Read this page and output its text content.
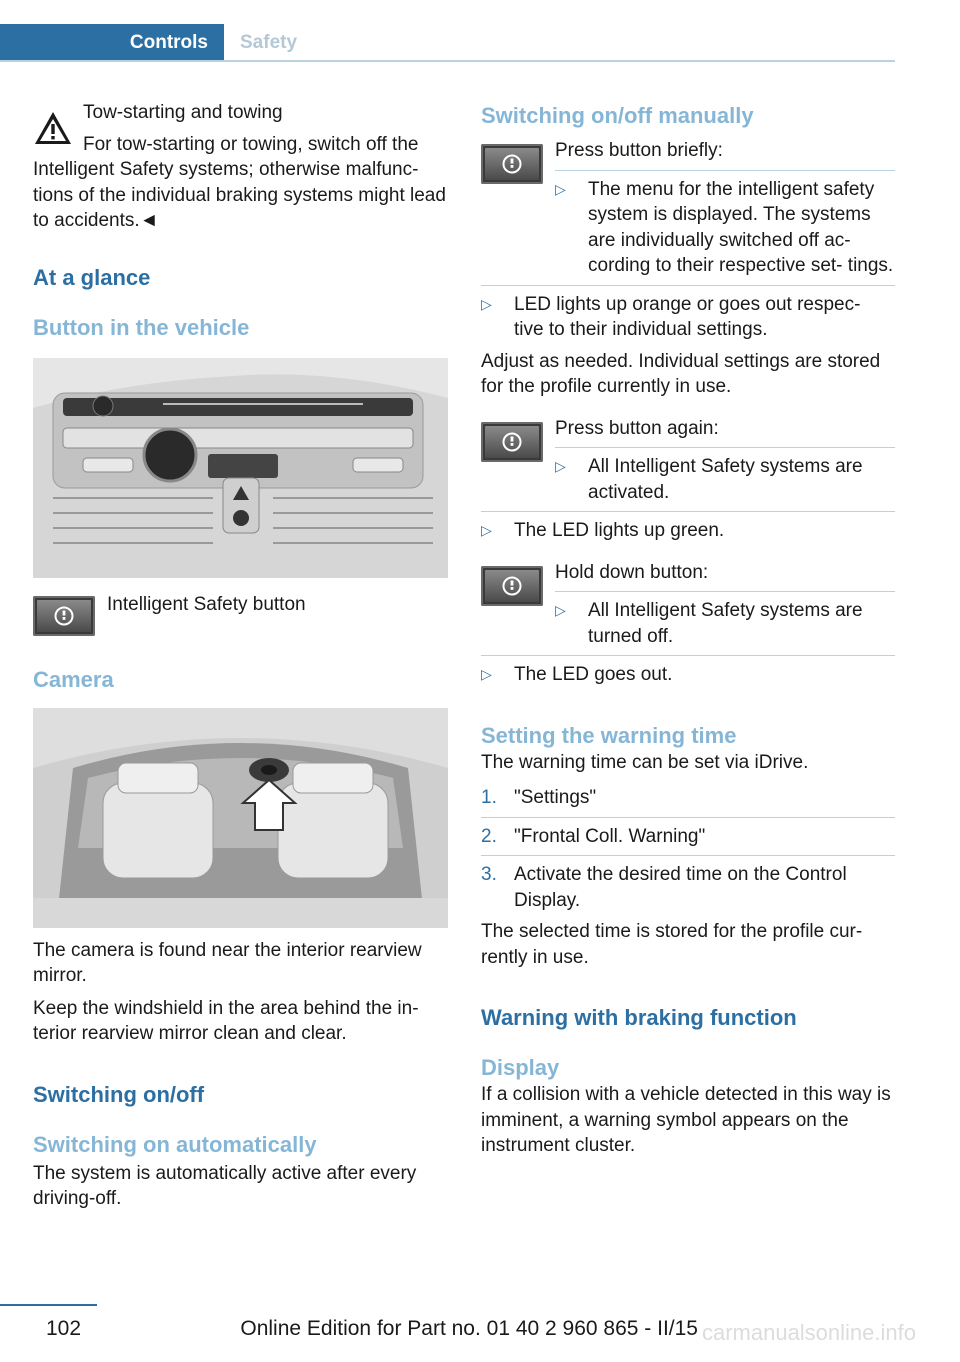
Controls	Safety

Tow-starting and towing

For tow-starting or towing, switch off the Intelligent Safety systems; otherwise malfunc- tions of the individual braking systems might lead to accidents.◄

At a glance
Button in the vehicle

Intelligent Safety button

Camera

The camera is found near the interior rearview mirror.

Keep the windshield in the area behind the in- terior rearview mirror clean and clear.

Switching on/off
Switching on automatically

The system is automatically active after every driving-off.

Switching on/off manually

Press button briefly:

▷	The menu for the intelligent safety system is displayed. The systems are individually switched off ac- cording to their respective set- tings.
▷	LED lights up orange or goes out respec- tive to their individual settings.

Adjust as needed. Individual settings are stored for the profile currently in use.

Press button again:

▷	All Intelligent Safety systems are activated.
▷	The LED lights up green.

Hold down button:

▷	All Intelligent Safety systems are turned off.
▷	The LED goes out.
Setting the warning time

The warning time can be set via iDrive.

1. "Settings"
2. "Frontal Coll. Warning"
3. Activate the desired time on the Control Display.

The selected time is stored for the profile cur- rently in use.

Warning with braking function
Display

If a collision with a vehicle detected in this way is imminent, a warning symbol appears on the instrument cluster.

102	Online Edition for Part no. 01 40 2 960 865 - II/15 carmanualsonline.info
